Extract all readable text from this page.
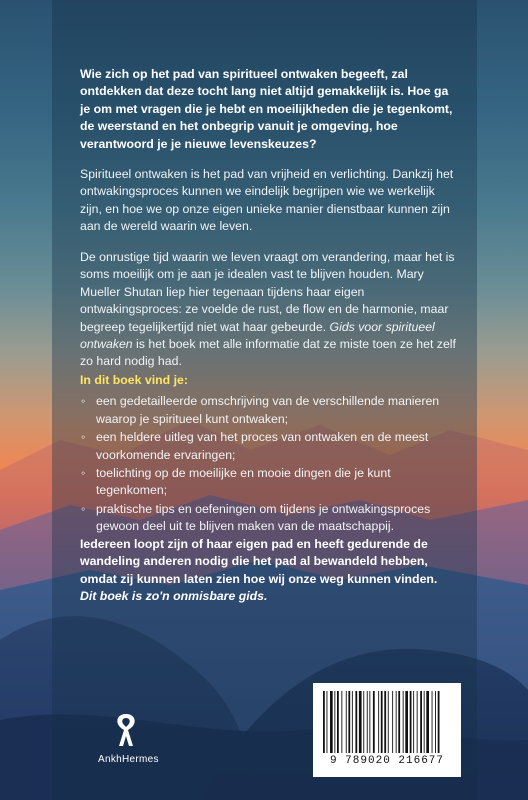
Wie zich op het pad van spiritueel ontwaken begeeft, zal ontdekken dat deze tocht lang niet altijd gemakkelijk is. Hoe ga je om met vragen die je hebt en moeilijkheden die je tegenkomt, de weerstand en het onbegrip vanuit je omgeving, hoe verantwoord je je nieuwe levenskeuzes?

Spiritueel ontwaken is het pad van vrijheid en verlichting. Dankzij het ontwakingsproces kunnen we eindelijk begrijpen wie we werkelijk zijn, en hoe we op onze eigen unieke manier dienstbaar kunnen zijn aan de wereld waarin we leven.

De onrustige tijd waarin we leven vraagt om verandering, maar het is soms moeilijk om je aan je idealen vast te blijven houden. Mary Mueller Shutan liep hier tegenaan tijdens haar eigen ontwakingsproces: ze voelde de rust, de flow en de harmonie, maar begreep tegelijkertijd niet wat haar gebeurde. Gids voor spiritueel ontwaken is het boek met alle informatie dat ze miste toen ze het zelf zo hard nodig had.

In dit boek vind je:

◦ een gedetailleerde omschrijving van de verschillende manieren waarop je spiritueel kunt ontwaken;
◦ een heldere uitleg van het proces van ontwaken en de meest voorkomende ervaringen;
◦ toelichting op de moeilijke en mooie dingen die je kunt tegenkomen;
◦ praktische tips en oefeningen om tijdens je ontwakingsproces gewoon deel uit te blijven maken van de maatschappij.

Iedereen loopt zijn of haar eigen pad en heeft gedurende de wandeling anderen nodig die het pad al bewandeld hebben, omdat zij kunnen laten zien hoe wij onze weg kunnen vinden. Dit boek is zo'n onmisbare gids.

AnkhHermes	9 789020 216677
